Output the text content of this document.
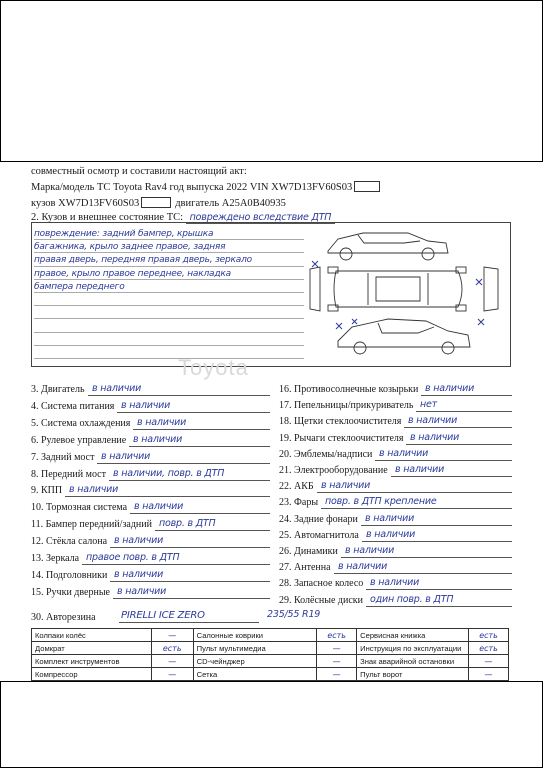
совместный осмотр и составили настоящий акт:
Марка/модель ТС Toyota Rav4 год выпуска 2022 VIN XW7D13FV60S03
кузов XW7D13FV60S03	двигатель A25A0B40935
2. Кузов и внешнее состояние ТС: повреждено вследствие ДТП
повреждение: задний бампер, крышка
багажника, крыло заднее правое, задняя
правая дверь, передняя правая дверь, зеркало
правое, крыло правое переднее, накладка
бампера переднего
Toyota
30. Авторезина	PIRELLI ICE ZERO	235/55 R19
Колпаки колёс	—	Салонные коврики	есть	Сервисная книжка	есть
Домкрат	есть	Пульт мультимедиа	—	Инструкция по эксплуатации	есть
Комплект инструментов	—	CD-чейнджер	—	Знак аварийной остановки	—
Компрессор	—	Сетка	—	Пульт ворот	—
3. Двигатель в наличии
4. Система питания в наличии
5. Система охлаждения в наличии
6. Рулевое управление в наличии
7. Задний мост в наличии
8. Передний мост в наличии, повр. в ДТП
9. КПП в наличии
10. Тормозная система в наличии
11. Бампер передний/задний повр. в ДТП
12. Стёкла салона в наличии
13. Зеркала правое повр. в ДТП
14. Подголовники в наличии
15. Ручки дверные в наличии
16. Противосолнечные козырьки в наличии
17. Пепельницы/прикуриватель нет
18. Щетки стеклоочистителя в наличии
19. Рычаги стеклоочистителя в наличии
20. Эмблемы/надписи в наличии
21. Электрооборудование в наличии
22. АКБ в наличии
23. Фары повр. в ДТП крепление
24. Задние фонари в наличии
25. Автомагнитола в наличии
26. Динамики в наличии
27. Антенна в наличии
28. Запасное колесо в наличии
29. Колёсные диски один повр. в ДТП
